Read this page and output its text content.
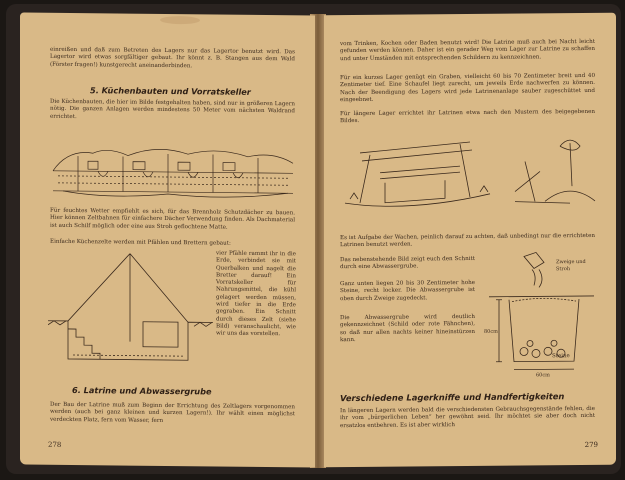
einreißen und daß zum Betreten des Lagers nur das Lagertor benutzt wird. Das Lagertor wird etwas sorgfältiger gebaut. Ihr könnt z. B. Stangen aus dem Wald (Förster fragen!) kunstgerecht aneinanderbinden.

5. Küchenbauten und Vorratskeller

Die Küchenbauten, die hier im Bilde festgehalten haben, sind nur in größeren Lagern nötig. Die ganzen Anlagen werden mindestens 50 Meter vom nächsten Waldrand errichtet.

Für feuchtes Wetter empfiehlt es sich, für das Brennholz Schutzdächer zu bauen. Hier können Zeltbahnen für einfachere Dächer Verwendung finden. Als Dachmaterial ist auch Schilf möglich oder eine aus Stroh geflochtene Matte.

Einfache Küchenzelte werden mit Pfählen und Brettern gebaut:

vier Pfähle rammt ihr in die Erde, verbindet sie mit Querbalken und nagelt die Bretter darauf! Ein Vorratskeller für Nahrungsmittel, die kühl gelagert werden müssen, wird tiefer in die Erde gegraben. Ein Schnitt durch dieses Zelt (siehe Bild) veranschaulicht, wie wir uns das vorstellen.

6. Latrine und Abwassergrube

Der Bau der Latrine muß zum Beginn der Errichtung des Zeltlagers vorgenommen werden (auch bei ganz kleinen und kurzen Lagern!). Ihr wählt einen möglichst verdeckten Platz, fern vom Wasser, fern

278

vom Trinken, Kochen oder Baden benutzt wird! Die Latrine muß auch bei Nacht leicht gefunden werden können. Daher ist ein gerader Weg vom Lager zur Latrine zu schaffen und unter Umständen mit entsprechenden Schildern zu kennzeichnen.

Für ein kurzes Lager genügt ein Graben, vielleicht 60 bis 70 Zentimeter breit und 40 Zentimeter tief. Eine Schaufel liegt zurecht, um jeweils Erde nachwerfen zu können. Nach der Beendigung des Lagers wird jede Latrinenanlage sauber zugeschüttet und eingeebnet.

Für längere Lager errichtet ihr Latrinen etwa nach den Mustern des beigegebenen Bildes.

Es ist Aufgabe der Wachen, peinlich darauf zu achten, daß unbedingt nur die errichteten Latrinen benutzt werden.

Das nebenstehende Bild zeigt euch den Schnitt durch eine Abwassergrube.

Ganz unten liegen 20 bis 30 Zentimeter hohe Steine, recht locker. Die Abwassergrube ist oben durch Zweige zugedeckt.

Die Abwassergrube wird deutlich gekennzeichnet (Schild oder rote Fähnchen), so daß nur allen nachts keiner hineinstürzen kann.

Zweige und Stroh
80cm
Steine
60cm

Verschiedene Lagerkniffe und Handfertigkeiten

In längeren Lagern werden bald die verschiedensten Gebrauchsgegenstände fehlen, die ihr vom „bürgerlichen Leben“ her gewöhnt seid. Ihr möchtet sie aber doch nicht ersatzlos entbehren. Es ist aber wirklich

279
